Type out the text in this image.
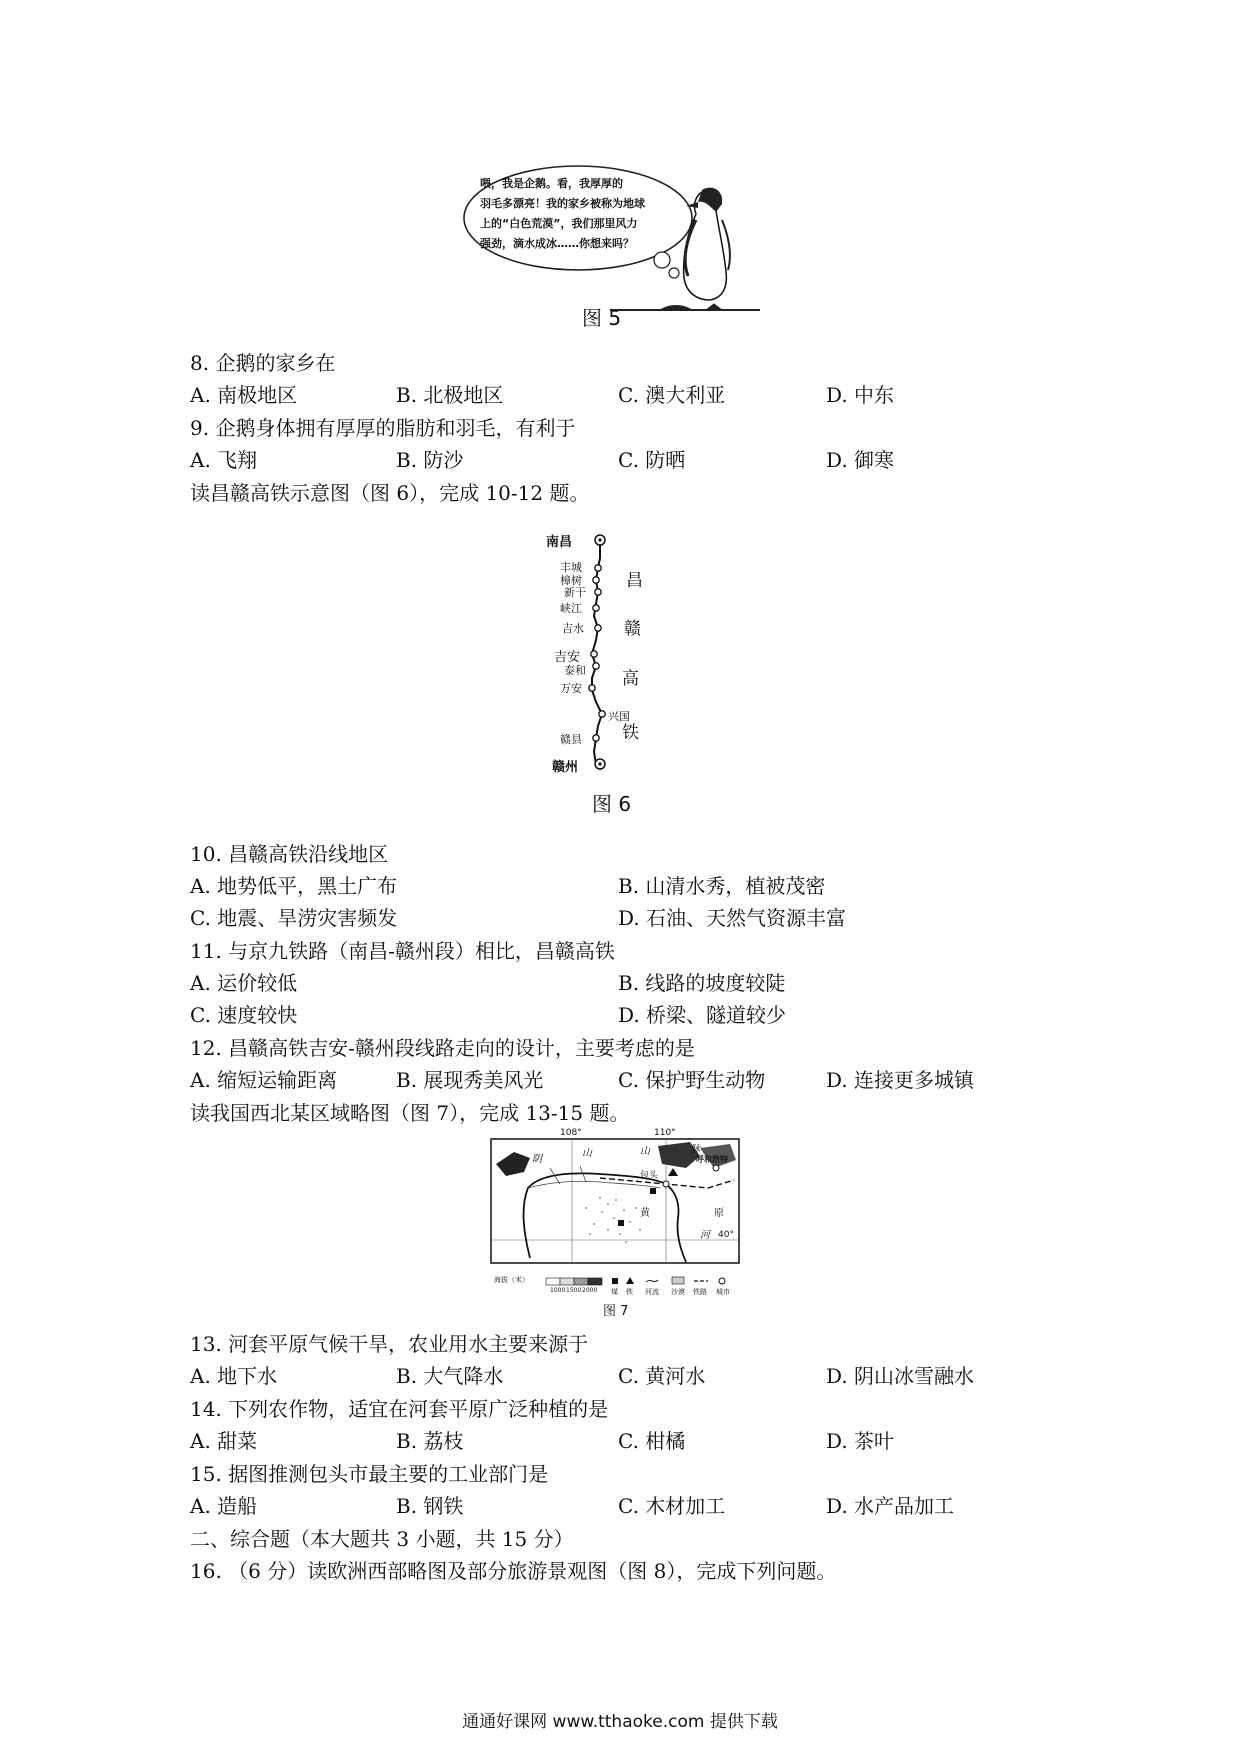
喂，我是企鹅。看，我厚厚的
羽毛多漂亮！我的家乡被称为地球
上的“白色荒漠”，我们那里风力
强劲，滴水成冰……你想来吗？
图 5
8. 企鹅的家乡在
A. 南极地区	B. 北极地区	C. 澳大利亚	D. 中东
9. 企鹅身体拥有厚厚的脂肪和羽毛，有利于
A. 飞翔	B. 防沙	C. 防晒	D. 御寒
读昌赣高铁示意图（图 6），完成 10-12 题。
南昌
丰城
樟树
新干
峡江
吉水
吉安
泰和
万安
兴国
赣县
赣州
昌
赣
高
铁
图 6
10. 昌赣高铁沿线地区
A. 地势低平，黑土广布	B. 山清水秀，植被茂密
C. 地震、旱涝灾害频发	D. 石油、天然气资源丰富
11. 与京九铁路（南昌-赣州段）相比，昌赣高铁
A. 运价较低	B. 线路的坡度较陡
C. 速度较快	D. 桥梁、隧道较少
12. 昌赣高铁吉安-赣州段线路走向的设计，主要考虑的是
A. 缩短运输距离	B. 展现秀美风光	C. 保护野生动物	D. 连接更多城镇
读我国西北某区域略图（图 7），完成 13-15 题。
108°	110°
40°
阴
山	山	脉
包头
呼和浩特
黄	原
河
海拔（米）
1000 1500 2000 煤 铁 河流 沙漠 铁路 城市
图 7
13. 河套平原气候干旱，农业用水主要来源于
A. 地下水	B. 大气降水	C. 黄河水	D. 阴山冰雪融水
14. 下列农作物，适宜在河套平原广泛种植的是
A. 甜菜	B. 荔枝	C. 柑橘	D. 茶叶
15. 据图推测包头市最主要的工业部门是
A. 造船	B. 钢铁	C. 木材加工	D. 水产品加工
二、综合题（本大题共 3 小题，共 15 分）
16. （6 分）读欧洲西部略图及部分旅游景观图（图 8），完成下列问题。
通通好课网 www.tthaoke.com 提供下载
